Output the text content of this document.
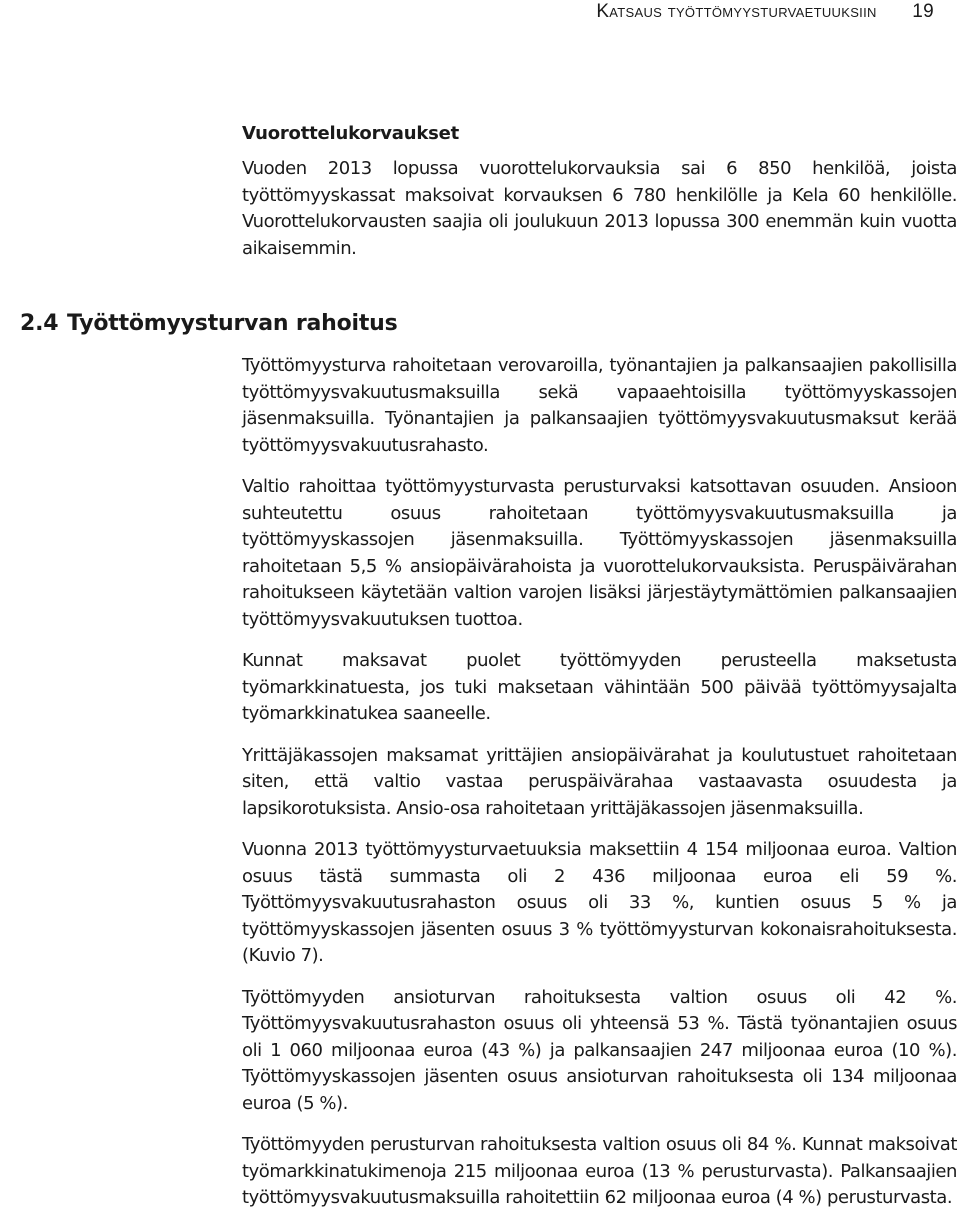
Katsaus työttömyysturvaetuuksiin 19
Vuorottelukorvaukset

Vuoden 2013 lopussa vuorottelukorvauksia sai 6 850 henkilöä, joista työttömyyskassat maksoivat korvauksen 6 780 henkilölle ja Kela 60 henkilölle. Vuorottelukorvausten saajia oli joulukuun 2013 lopussa 300 enemmän kuin vuotta aikaisemmin.

2.4 Työttömyysturvan rahoitus

Työttömyysturva rahoitetaan verovaroilla, työnantajien ja palkansaajien pakollisilla työttömyysvakuutusmaksuilla sekä vapaaehtoisilla työttömyyskassojen jäsenmaksuilla. Työnantajien ja palkansaajien työttömyysvakuutusmaksut kerää työttömyysvakuutusrahasto.

Valtio rahoittaa työttömyysturvasta perusturvaksi katsottavan osuuden. Ansioon suhteutettu osuus rahoitetaan työttömyysvakuutusmaksuilla ja työttömyyskassojen jäsenmaksuilla. Työttömyyskassojen jäsenmaksuilla rahoitetaan 5,5 % ansiopäivärahoista ja vuorottelukorvauksista. Peruspäivärahan rahoitukseen käytetään valtion varojen lisäksi järjestäytymättömien palkansaajien työttömyysvakuutuksen tuottoa.

Kunnat maksavat puolet työttömyyden perusteella maksetusta työmarkkinatuesta, jos tuki maksetaan vähintään 500 päivää työttömyysajalta työmarkkinatukea saaneelle.

Yrittäjäkassojen maksamat yrittäjien ansiopäivärahat ja koulutustuet rahoitetaan siten, että valtio vastaa peruspäivärahaa vastaavasta osuudesta ja lapsikorotuksista. Ansio-osa rahoitetaan yrittäjäkassojen jäsenmaksuilla.

Vuonna 2013 työttömyysturvaetuuksia maksettiin 4 154 miljoonaa euroa. Valtion osuus tästä summasta oli 2 436 miljoonaa euroa eli 59 %. Työttömyysvakuutusrahaston osuus oli 33 %, kuntien osuus 5 % ja työttömyyskassojen jäsenten osuus 3 % työttömyysturvan kokonaisrahoituksesta. (Kuvio 7).

Työttömyyden ansioturvan rahoituksesta valtion osuus oli 42 %. Työttömyysvakuutusrahaston osuus oli yhteensä 53 %. Tästä työnantajien osuus oli 1 060 miljoonaa euroa (43 %) ja palkansaajien 247 miljoonaa euroa (10 %). Työttömyyskassojen jäsenten osuus ansioturvan rahoituksesta oli 134 miljoonaa euroa (5 %).

Työttömyyden perusturvan rahoituksesta valtion osuus oli 84 %. Kunnat maksoivat työmarkkinatukimenoja 215 miljoonaa euroa (13 % perusturvasta). Palkansaajien työttömyysvakuutusmaksuilla rahoitettiin 62 miljoonaa euroa (4 %) perusturvasta.
